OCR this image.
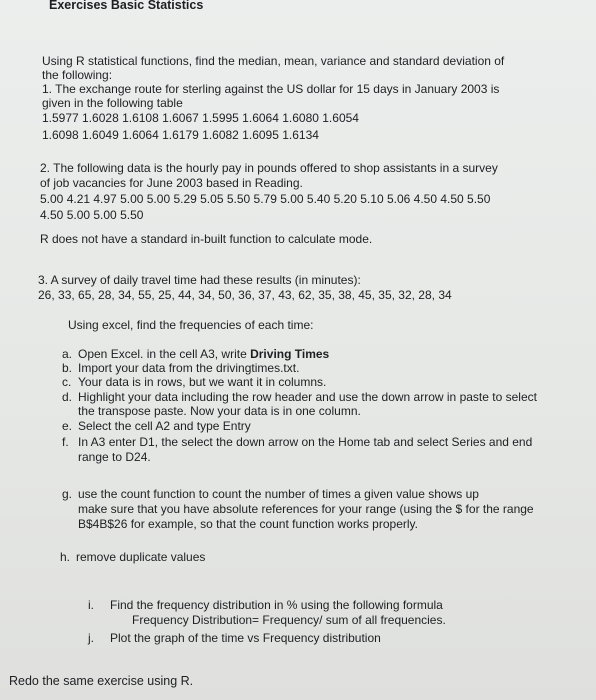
Exercises Basic Statistics
Using R statistical functions, find the median, mean, variance and standard deviation of
the following:
1. The exchange route for sterling against the US dollar for 15 days in January 2003 is
given in the following table
1.5977 1.6028 1.6108 1.6067 1.5995 1.6064 1.6080 1.6054
1.6098 1.6049 1.6064 1.6179 1.6082 1.6095 1.6134
2. The following data is the hourly pay in pounds offered to shop assistants in a survey
of job vacancies for June 2003 based in Reading.
5.00 4.21 4.97 5.00 5.00 5.29 5.05 5.50 5.79 5.00 5.40 5.20 5.10 5.06 4.50 4.50 5.50
4.50 5.00 5.00 5.50
R does not have a standard in-built function to calculate mode.
3. A survey of daily travel time had these results (in minutes):
26, 33, 65, 28, 34, 55, 25, 44, 34, 50, 36, 37, 43, 62, 35, 38, 45, 35, 32, 28, 34
Using excel, find the frequencies of each time:
a. Open Excel. in the cell A3, write Driving Times
b. Import your data from the drivingtimes.txt.
c. Your data is in rows, but we want it in columns.
d. Highlight your data including the row header and use the down arrow in paste to select
the transpose paste. Now your data is in one column.
e. Select the cell A2 and type Entry
f. In A3 enter D1, the select the down arrow on the Home tab and select Series and end
range to D24.
g. use the count function to count the number of times a given value shows up
make sure that you have absolute references for your range (using the $ for the range
B$4B$26 for example, so that the count function works properly.
h. remove duplicate values
i. Find the frequency distribution in % using the following formula
Frequency Distribution= Frequency/ sum of all frequencies.
j. Plot the graph of the time vs Frequency distribution
Redo the same exercise using R.
